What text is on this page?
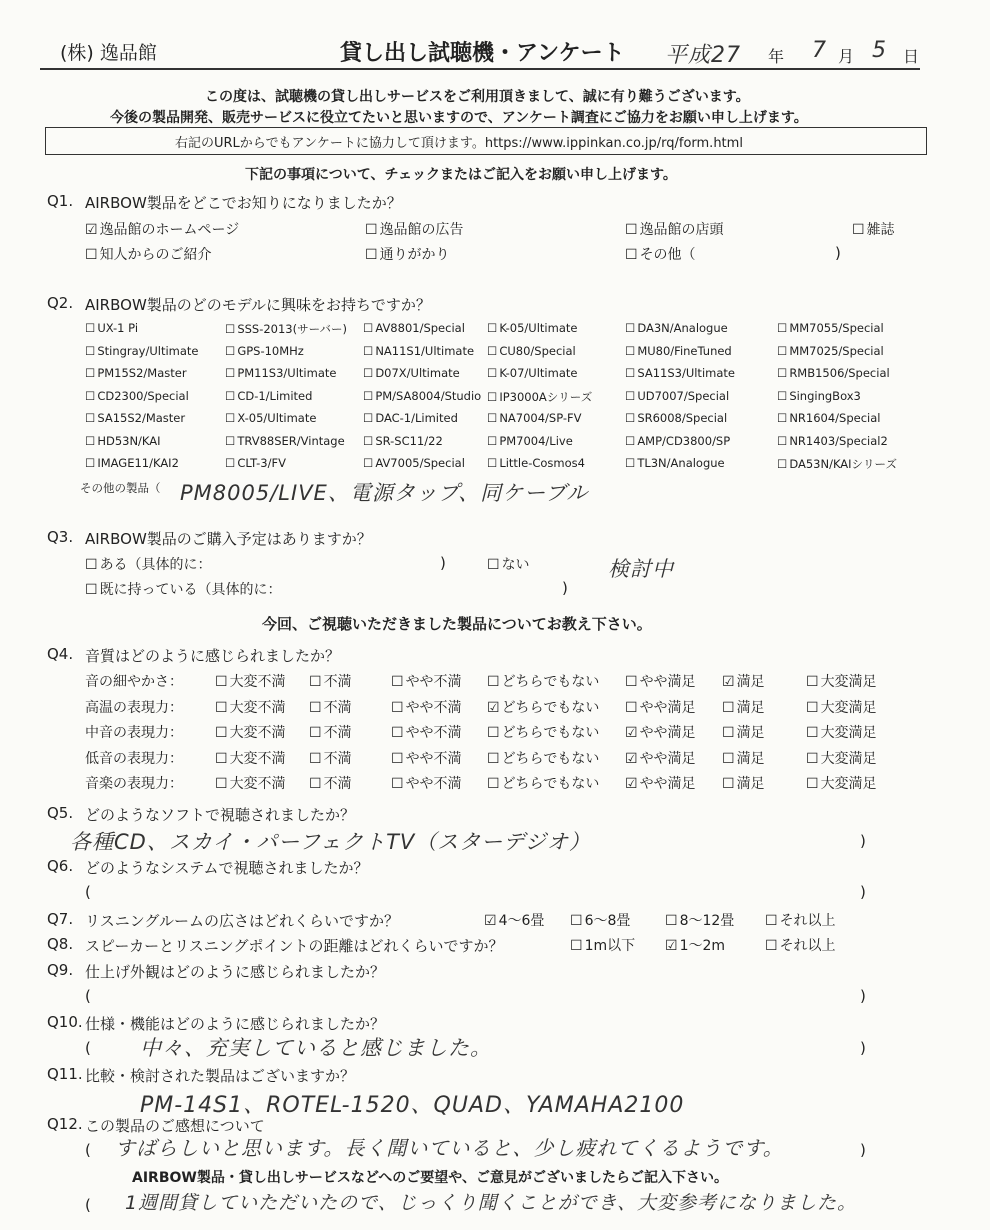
(株) 逸品館	貸し出し試聴機・アンケート 平成27 年 7 月 5 日
この度は、試聴機の貸し出しサービスをご利用頂きまして、誠に有り難うございます。
今後の製品開発、販売サービスに役立てたいと思いますので、アンケート調査にご協力をお願い申し上げます。
右記のURLからでもアンケートに協力して頂けます。https://www.ippinkan.co.jp/rq/form.html
下記の事項について、チェックまたはご記入をお願い申し上げます。
Q1. AIRBOW製品をどこでお知りになりましたか？
☑ 逸品館のホームページ	☐ 逸品館の広告	☐ 逸品館の店頭	☐ 雑誌
☐ 知人からのご紹介	☐ 通りがかり	☐ その他（	)
Q2. AIRBOW製品のどのモデルに興味をお持ちですか？
☐ UX-1 Pi	☐ SSS-2013(サーバー)	☐ AV8801/Special	☐ K-05/Ultimate	☐ DA3N/Analogue	☐ MM7055/Special
☐ Stingray/Ultimate	☐ GPS-10MHz	☐ NA11S1/Ultimate	☐ CU80/Special	☐ MU80/FineTuned	☐ MM7025/Special
☐ PM15S2/Master	☐ PM11S3/Ultimate	☐ D07X/Ultimate	☐ K-07/Ultimate	☐ SA11S3/Ultimate	☐ RMB1506/Special
☐ CD2300/Special	☐ CD-1/Limited	☐ PM/SA8004/Studio	☐ IP3000Aシリーズ	☐ UD7007/Special	☐ SingingBox3
☐ SA15S2/Master	☐ X-05/Ultimate	☐ DAC-1/Limited	☐ NA7004/SP-FV	☐ SR6008/Special	☐ NR1604/Special
☐ HD53N/KAI	☐ TRV88SER/Vintage	☐ SR-SC11/22	☐ PM7004/Live	☐ AMP/CD3800/SP	☐ NR1403/Special2
☐ IMAGE11/KAI2	☐ CLT-3/FV	☐ AV7005/Special	☐ Little-Cosmos4	☐ TL3N/Analogue	☐ DA53N/KAIシリーズ
その他の製品（ PM8005/LIVE、電源タップ、同ケーブル
Q3. AIRBOW製品のご購入予定はありますか？
☐ ある（具体的に：	)	☐ ない	検討中
☐ 既に持っている（具体的に：	)
今回、ご視聴いただきました製品についてお教え下さい。
Q4. 音質はどのように感じられましたか？
音の細やかさ：	☐ 大変不満	☐ 不満	☐ やや不満	☐ どちらでもない	☐ やや満足	☑ 満足	☐ 大変満足
高温の表現力：	☐ 大変不満	☐ 不満	☐ やや不満	☑ どちらでもない	☐ やや満足	☐ 満足	☐ 大変満足
中音の表現力：	☐ 大変不満	☐ 不満	☐ やや不満	☐ どちらでもない	☑ やや満足	☐ 満足	☐ 大変満足
低音の表現力：	☐ 大変不満	☐ 不満	☐ やや不満	☐ どちらでもない	☑ やや満足	☐ 満足	☐ 大変満足
音楽の表現力：	☐ 大変不満	☐ 不満	☐ やや不満	☐ どちらでもない	☑ やや満足	☐ 満足	☐ 大変満足
Q5. どのようなソフトで視聴されましたか？
各種CD、スカイ・パーフェクトTV（スターデジオ）	)
Q6. どのようなシステムで視聴されましたか？
(	)
Q7. リスニングルームの広さはどれくらいですか？	☑ 4～6畳	☐ 6～8畳	☐ 8～12畳	☐ それ以上
Q8. スピーカーとリスニングポイントの距離はどれくらいですか？	☐ 1m以下	☑ 1～2m	☐ それ以上
Q9. 仕上げ外観はどのように感じられましたか？
(	)
Q10. 仕様・機能はどのように感じられましたか？
( 中々、充実していると感じました。	)
Q11. 比較・検討された製品はございますか？
PM-14S1、ROTEL-1520、QUAD、YAMAHA2100
Q12. この製品のご感想について
( すばらしいと思います。長く聞いていると、少し疲れてくるようです。	)
AIRBOW製品・貸し出しサービスなどへのご要望や、ご意見がございましたらご記入下さい。
( 1週間貸していただいたので、じっくり聞くことができ、大変参考になりました。
